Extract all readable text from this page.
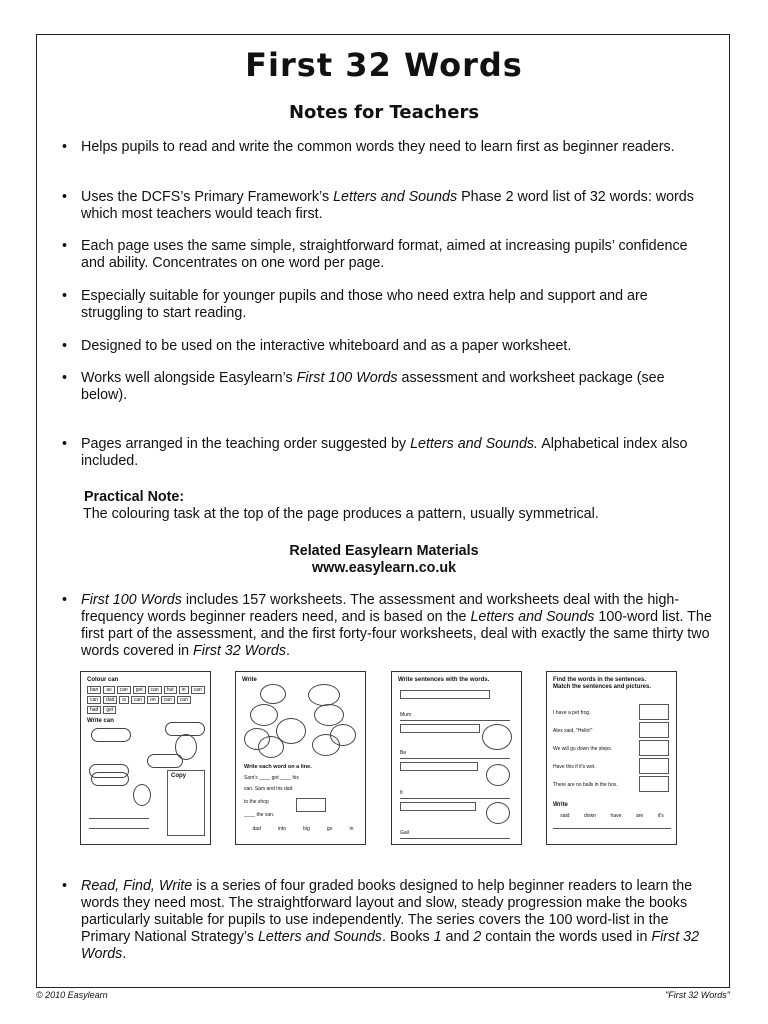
First 32 Words
Notes for Teachers
• Helps pupils to read and write the common words they need to learn first as beginner readers.
• Uses the DCFS’s Primary Framework’s Letters and Sounds Phase 2 word list of 32 words: words which most teachers would teach first.
• Each page uses the same simple, straightforward format, aimed at increasing pupils’ confidence and ability. Concentrates on one word per page.
• Especially suitable for younger pupils and those who need extra help and support and are struggling to start reading.
• Designed to be used on the interactive whiteboard and as a paper worksheet.
• Works well alongside Easylearn’s First 100 Words assessment and worksheet package (see
below).
• Pages arranged in the teaching order suggested by Letters and Sounds. Alphabetical index also included.
Practical Note:
The colouring task at the top of the page produces a pattern, usually symmetrical.
Related Easylearn Materials
www.easylearn.co.uk
• First 100 Words includes 157 worksheets. The assessment and worksheets deal with the high-frequency words beginner readers need, and is based on the Letters and Sounds 100-word list. The first part of the assessment, and the first forty-four worksheets, deal with exactly the same thirty two words covered in First 32 Words.
Colour can
ban	as	can	got	can	hut	in	can
can	dad	is	can	on	can	can
had	get
Write can
Copy
Write
Write each word on a line.
Sam's ____ got ____ his
van. Sam and his dad
to the shop
____ the van.
dad	into	big	go	in
Write sentences with the words.
Mum
Be
It
Gail
Find the words in the sentences.
Match the sentences and pictures.
I have a pet frog.
Alex said, "Hello!"
We will go down the steps.
Have this if it's wet.
There are no balls in the box.
Write
said	down	have	are	it's
• Read, Find, Write is a series of four graded books designed to help beginner readers to learn the words they need most. The straightforward layout and slow, steady progression make the books particularly suitable for pupils to use independently. The series covers the 100 word-list in the Primary National Strategy’s Letters and Sounds. Books 1 and 2 contain the words used in First 32 Words.
© 2010 Easylearn	"First 32 Words"
